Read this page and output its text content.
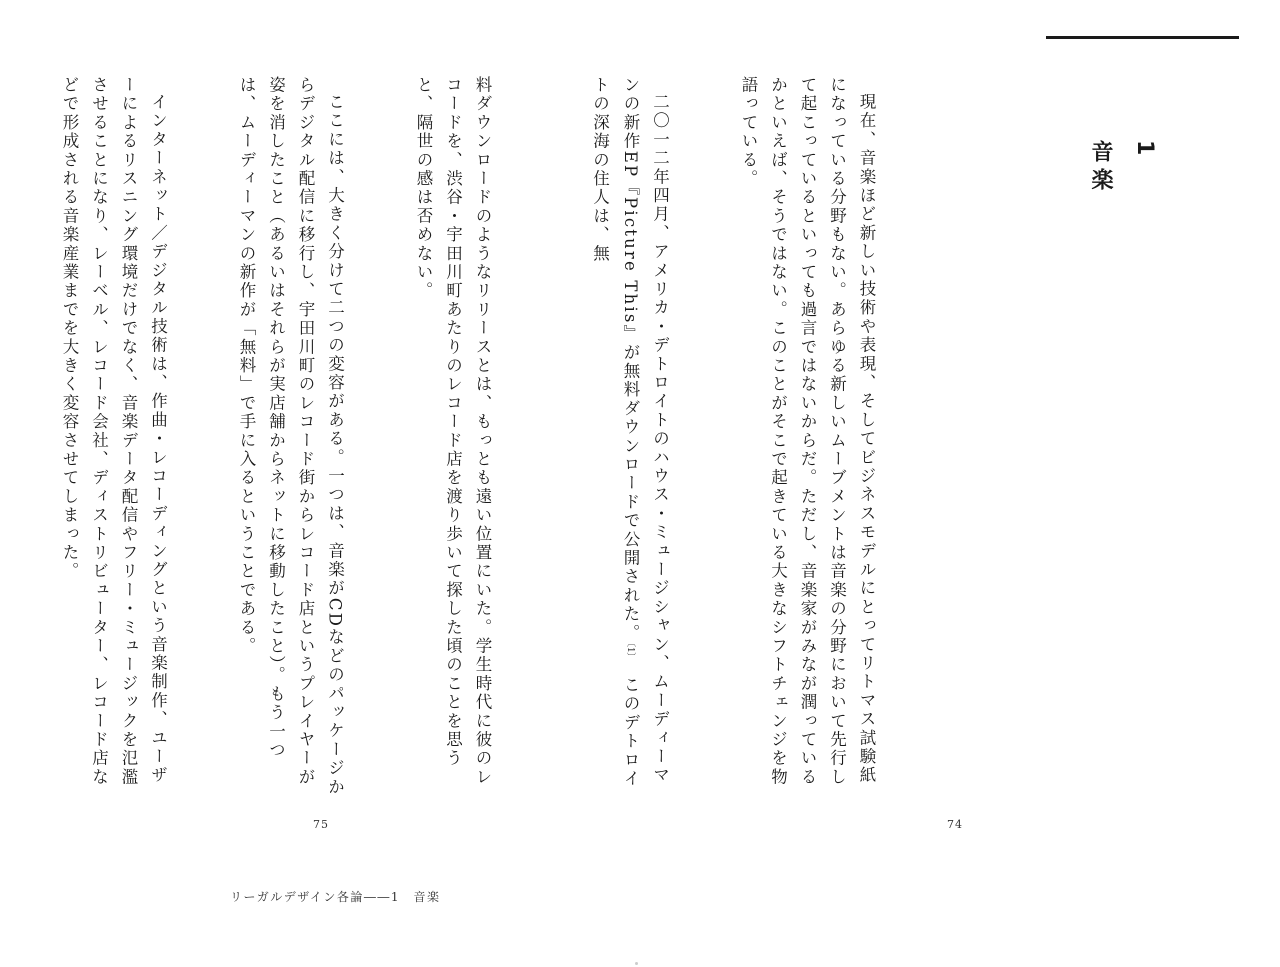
1
音楽

現在、音楽ほど新しい技術や表現、そしてビジネスモデルにとってリトマス試験紙になっている分野もない。あらゆる新しいムーブメントは音楽の分野において先行して起こっているといっても過言ではないからだ。ただし、音楽家がみなが潤っているかといえば、そうではない。このことがそこで起きている大きなシフトチェンジを物語っている。

二〇一二年四月、アメリカ・デトロイトのハウス・ミュージシャン、ムーディーマンの新作EP『Picture This』が無料ダウンロードで公開された。〔1〕　このデトロイトの深海の住人は、無

料ダウンロードのようなリリースとは、もっとも遠い位置にいた。学生時代に彼のレコードを、渋谷・宇田川町あたりのレコード店を渡り歩いて探した頃のことを思うと、隔世の感は否めない。

ここには、大きく分けて二つの変容がある。一つは、音楽がCDなどのパッケージからデジタル配信に移行し、宇田川町のレコード街からレコード店というプレイヤーが姿を消したこと（あるいはそれらが実店舗からネットに移動したこと）。もう一つは、ムーディーマンの新作が「無料」で手に入るということである。

インターネット／デジタル技術は、作曲・レコーディングという音楽制作、ユーザーによるリスニング環境だけでなく、音楽データ配信やフリー・ミュージックを氾濫させることになり、レーベル、レコード会社、ディストリビューター、レコード店などで形成される音楽産業までを大きく変容させてしまった。

75	74
リーガルデザイン各論――1　音楽
